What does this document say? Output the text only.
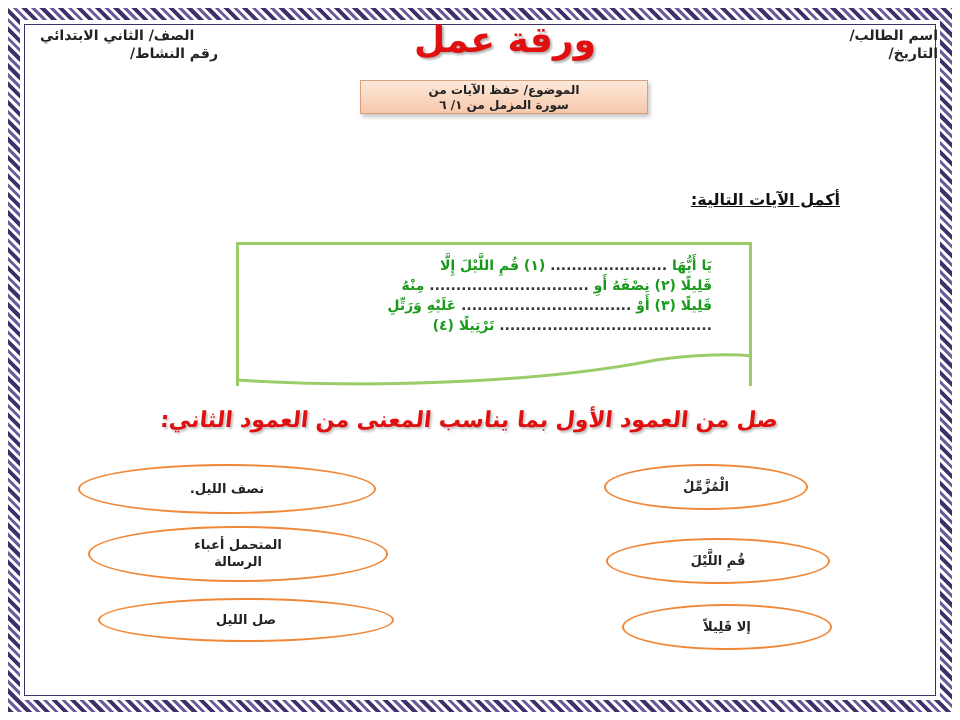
اسم الطالب/
التاريخ/
الصف/ الثاني الابتدائي
رقم النشاط/	ورقة عمل
الموضوع/ حفظ الآيات من
سورة المزمل من ١/ ٦
أكمل الآيات التالية:
يَا أَيُّهَا ...................... (١) قُمِ اللَّيْلَ إِلَّا
قَلِيلًا (٢) نِصْفَهُ أَوِ .............................. مِنْهُ
قَلِيلًا (٣) أَوْ ................................ عَلَيْهِ وَرَتِّلِ
........................................ تَرْتِيلًا (٤)
صل من العمود الأول بما يناسب المعنى من العمود الثاني:
الْمُزَّمِّلُ
قُمِ اللَّيْلَ
إلا قَلِيلاً
نصف الليل.
المتحمل أعباء
الرسالة
صل الليل
